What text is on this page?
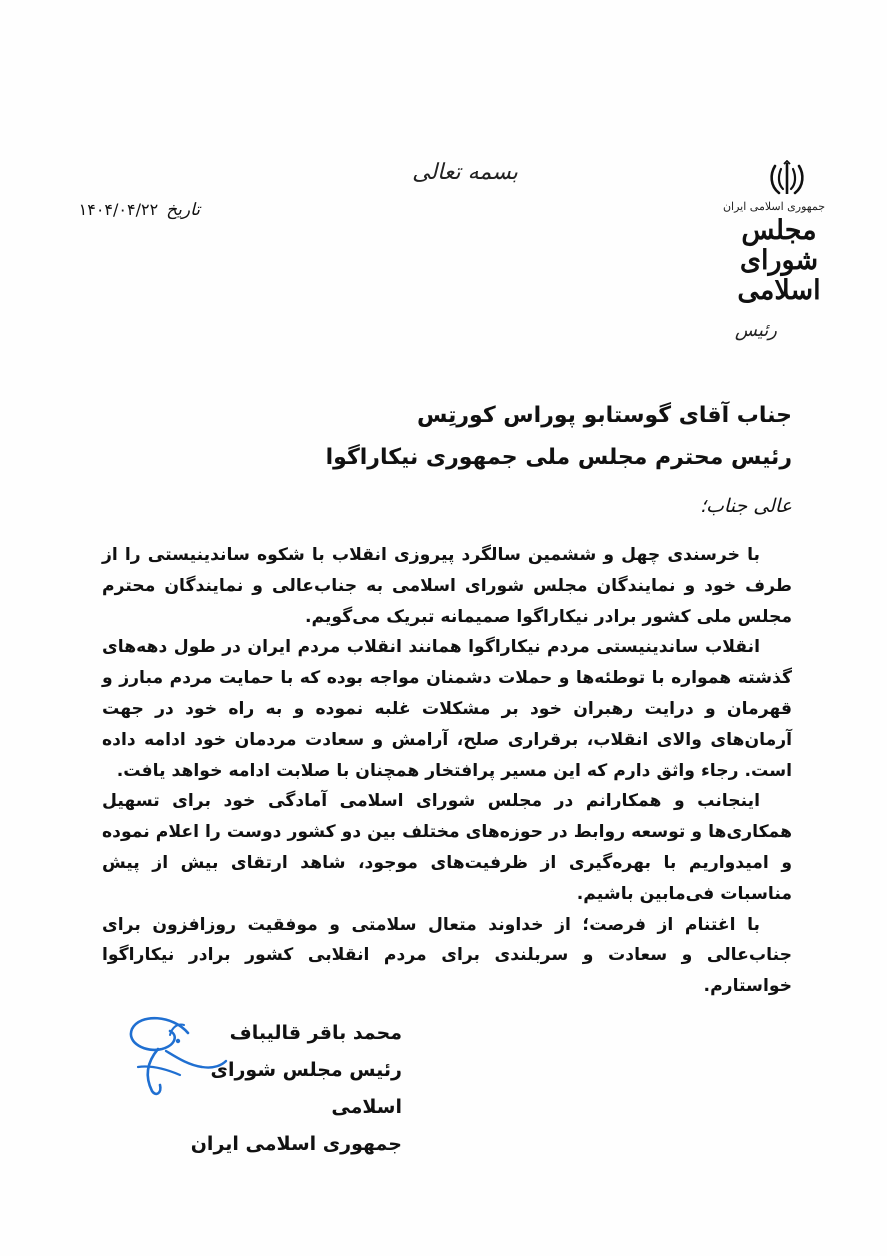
جمهوری اسلامی ایران
مجلس شورای اسلامی
رئیس
بسمه تعالی
تاریخ
۱۴۰۴/۰۴/۲۲
جناب آقای گوستابو پوراس کورتِس
رئیس محترم مجلس ملی جمهوری نیکاراگوا
عالی جناب؛

با خرسندی چهل و ششمین سالگرد پیروزی انقلاب با شکوه ساندینیستی را از طرف خود و نمایندگان مجلس شورای اسلامی به جناب‌عالی و نمایندگان محترم مجلس ملی کشور برادر نیکاراگوا صمیمانه تبریک می‌گویم.

انقلاب ساندینیستی مردم نیکاراگوا همانند انقلاب مردم ایران در طول دهه‌های گذشته همواره با توطئه‌ها و حملات دشمنان مواجه بوده که با حمایت مردم مبارز و قهرمان و درایت رهبران خود بر مشکلات غلبه نموده و به راه خود در جهت آرمان‌های والای انقلاب، برقراری صلح، آرامش و سعادت مردمان خود ادامه داده است. رجاء واثق دارم که این مسیر پرافتخار همچنان با صلابت ادامه خواهد یافت.

اینجانب و همکارانم در مجلس شورای اسلامی آمادگی خود برای تسهیل همکاری‌ها و توسعه روابط در حوزه‌های مختلف بین دو کشور دوست را اعلام نموده و امیدواریم با بهره‌گیری از ظرفیت‌های موجود، شاهد ارتقای بیش از پیش مناسبات فی‌مابین باشیم.

با اغتنام از فرصت؛ از خداوند متعال سلامتی و موفقیت روزافزون برای جناب‌عالی و سعادت و سربلندی برای مردم انقلابی کشور برادر نیکاراگوا خواستارم.

محمد باقر قالیباف
رئیس مجلس شورای اسلامی
جمهوری اسلامی ایران
